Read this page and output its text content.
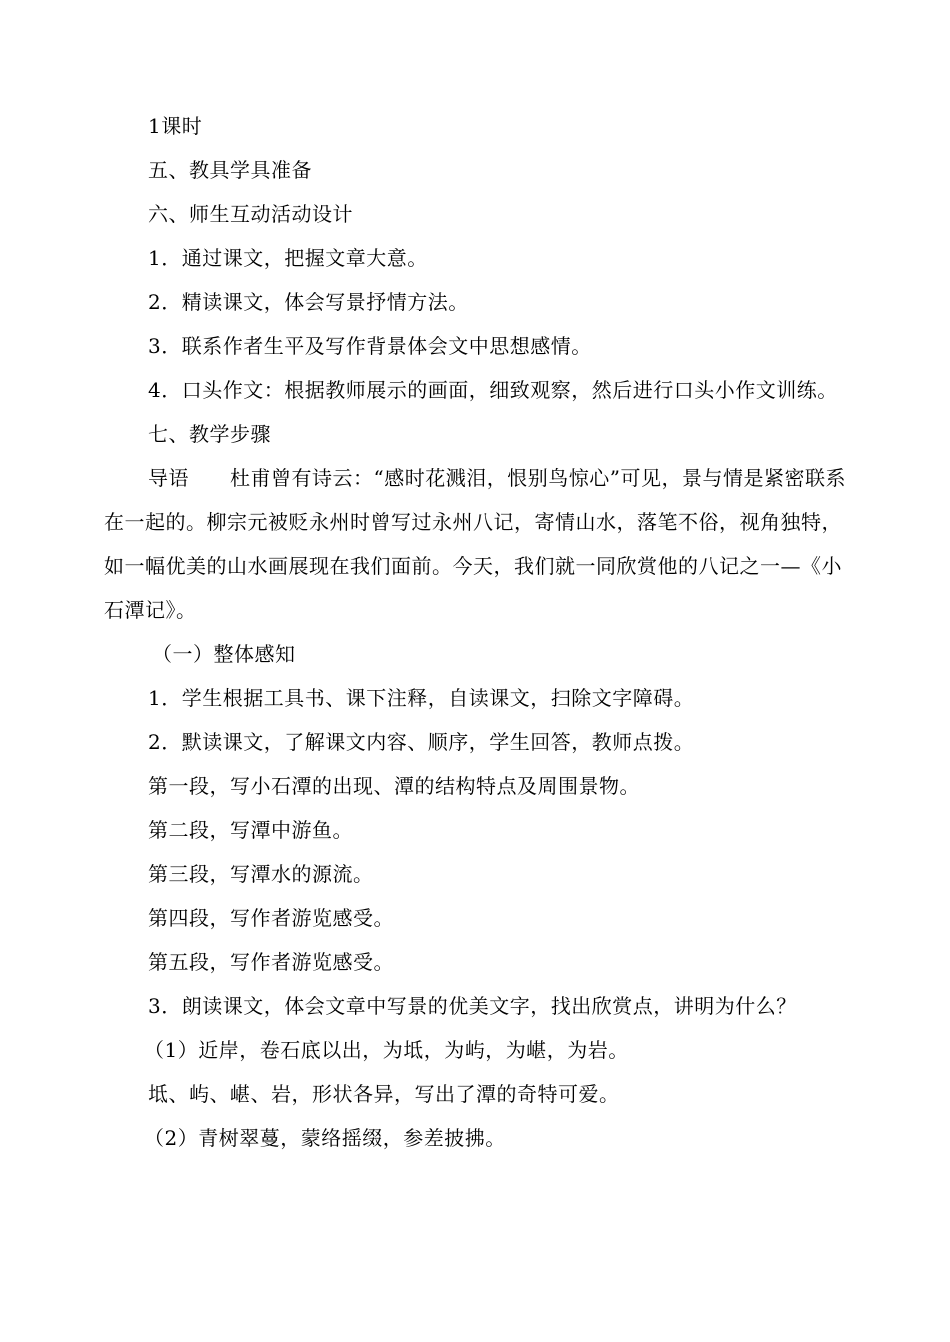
1课时

五、教具学具准备

六、师生互动活动设计

1．通过课文，把握文章大意。

2．精读课文，体会写景抒情方法。

3．联系作者生平及写作背景体会文中思想感情。

4．口头作文：根据教师展示的画面，细致观察，然后进行口头小作文训练。

七、教学步骤

导语　　杜甫曾有诗云：“感时花溅泪，恨别鸟惊心”可见，景与情是紧密联系在一起的。柳宗元被贬永州时曾写过永州八记，寄情山水，落笔不俗，视角独特，如一幅优美的山水画展现在我们面前。今天，我们就一同欣赏他的八记之一—《小石潭记》。

（一）整体感知

1．学生根据工具书、课下注释，自读课文，扫除文字障碍。

2．默读课文，了解课文内容、顺序，学生回答，教师点拨。

第一段，写小石潭的出现、潭的结构特点及周围景物。

第二段，写潭中游鱼。

第三段，写潭水的源流。

第四段，写作者游览感受。

第五段，写作者游览感受。

3．朗读课文，体会文章中写景的优美文字，找出欣赏点，讲明为什么？

（1）近岸，卷石底以出，为坻，为屿，为嵁，为岩。

坻、屿、嵁、岩，形状各异，写出了潭的奇特可爱。

（2）青树翠蔓，蒙络摇缀，参差披拂。
